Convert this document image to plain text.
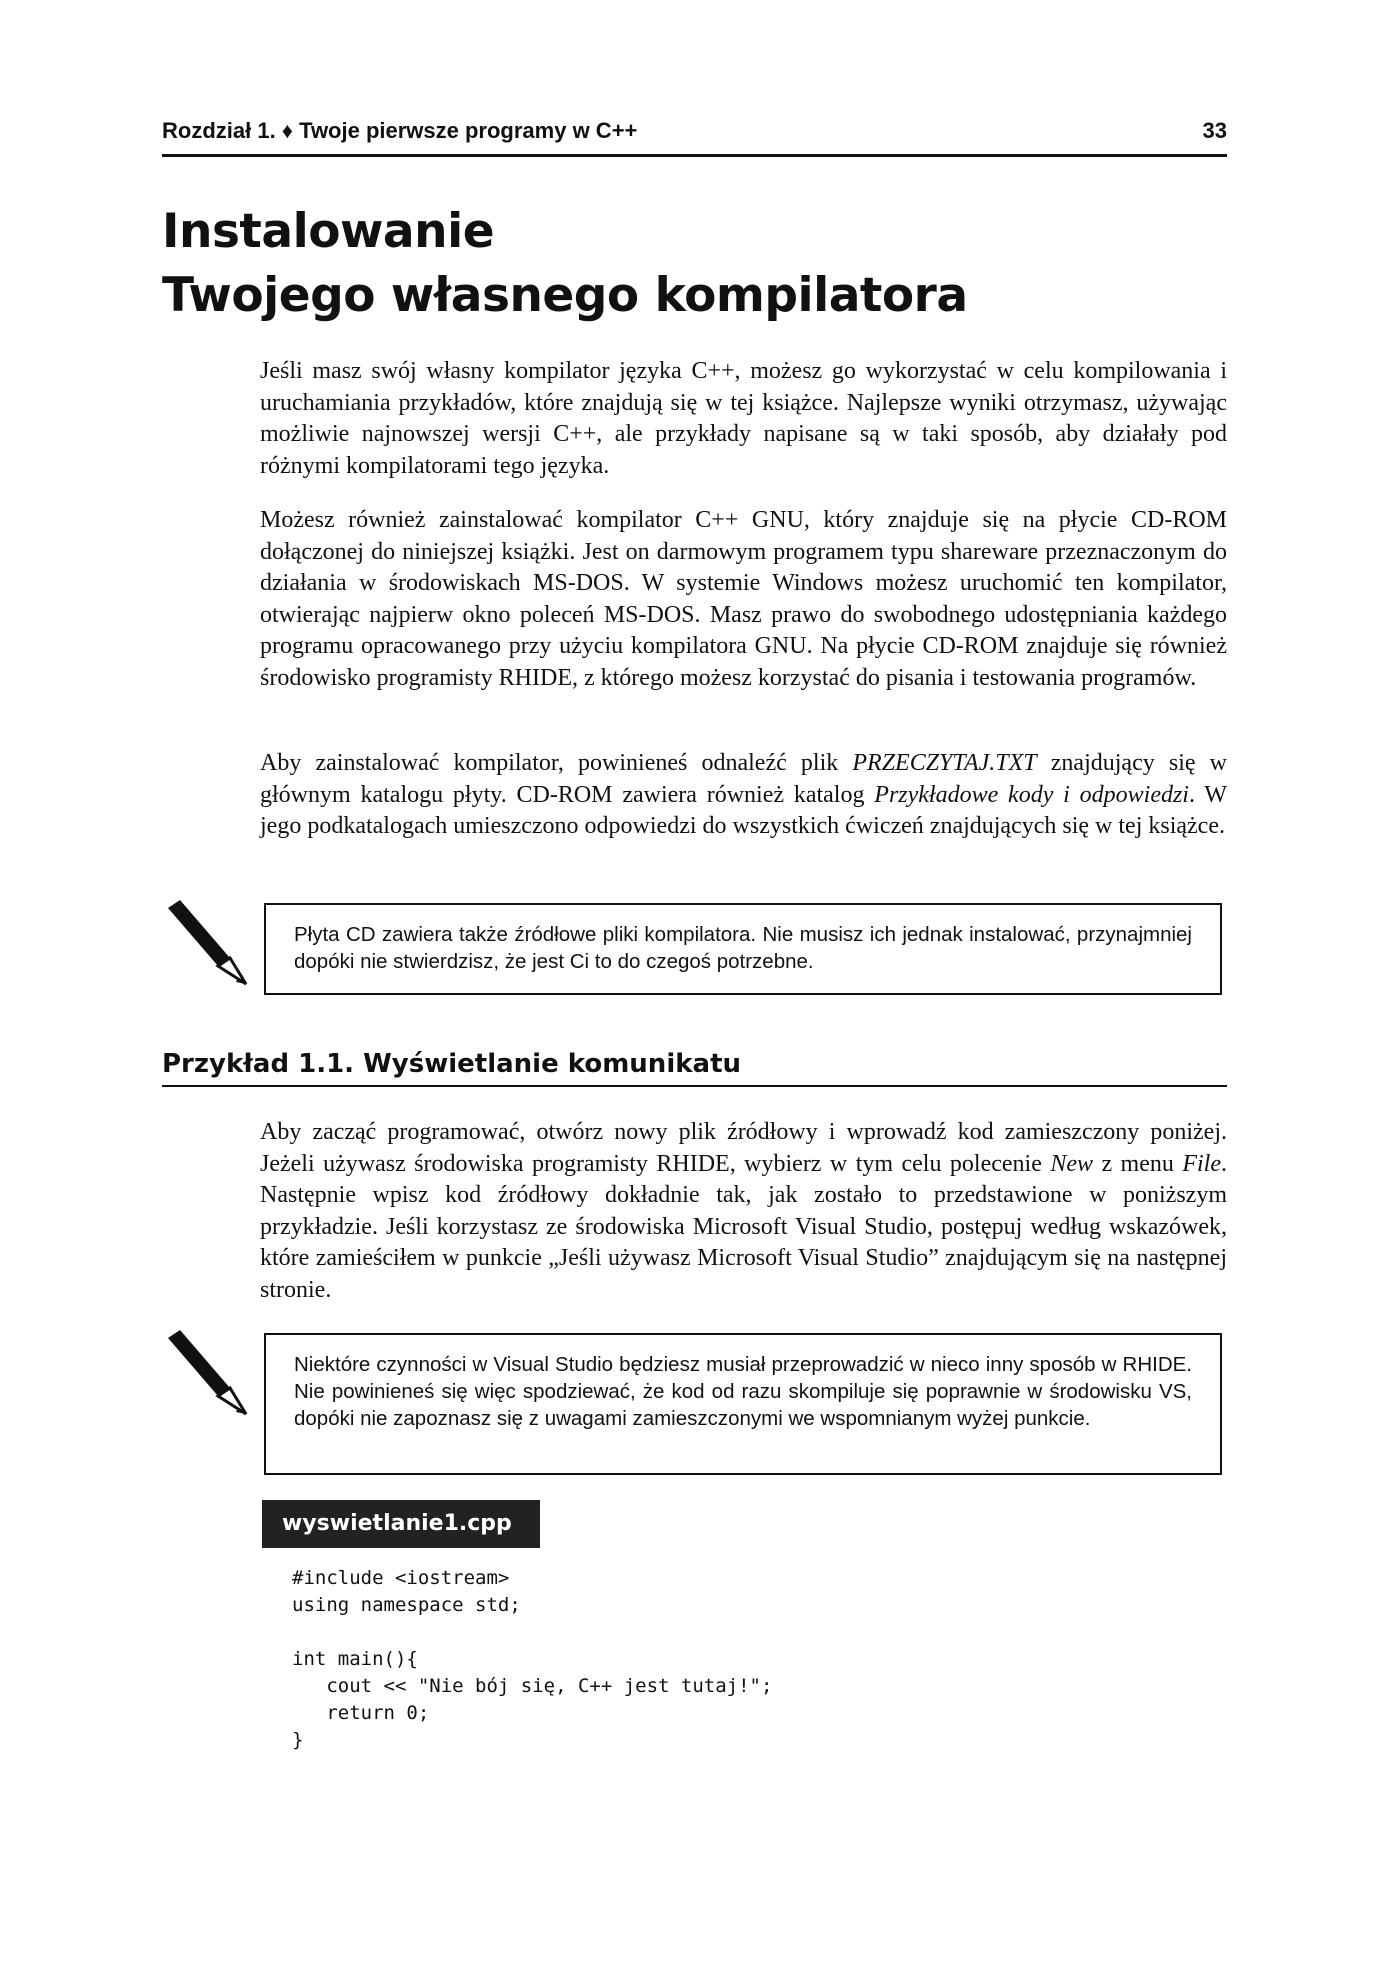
Rozdział 1. ♦ Twoje pierwsze programy w C++	33
Instalowanie
Twojego własnego kompilatora

Jeśli masz swój własny kompilator języka C++, możesz go wykorzystać w celu kompilowania i uruchamiania przykładów, które znajdują się w tej książce. Najlepsze wyniki otrzymasz, używając możliwie najnowszej wersji C++, ale przykłady napisane są w taki sposób, aby działały pod różnymi kompilatorami tego języka.

Możesz również zainstalować kompilator C++ GNU, który znajduje się na płycie CD-ROM dołączonej do niniejszej książki. Jest on darmowym programem typu shareware przeznaczonym do działania w środowiskach MS-DOS. W systemie Windows możesz uruchomić ten kompilator, otwierając najpierw okno poleceń MS-DOS. Masz prawo do swobodnego udostępniania każdego programu opracowanego przy użyciu kompilatora GNU. Na płycie CD-ROM znajduje się również środowisko programisty RHIDE, z którego możesz korzystać do pisania i testowania programów.

Aby zainstalować kompilator, powinieneś odnaleźć plik PRZECZYTAJ.TXT znajdujący się w głównym katalogu płyty. CD-ROM zawiera również katalog Przykładowe kody i odpowiedzi. W jego podkatalogach umieszczono odpowiedzi do wszystkich ćwiczeń znajdujących się w tej książce.

Płyta CD zawiera także źródłowe pliki kompilatora. Nie musisz ich jednak instalować, przynajmniej dopóki nie stwierdzisz, że jest Ci to do czegoś potrzebne.
Przykład 1.1. Wyświetlanie komunikatu

Aby zacząć programować, otwórz nowy plik źródłowy i wprowadź kod zamieszczony poniżej. Jeżeli używasz środowiska programisty RHIDE, wybierz w tym celu polecenie New z menu File. Następnie wpisz kod źródłowy dokładnie tak, jak zostało to przedstawione w poniższym przykładzie. Jeśli korzystasz ze środowiska Microsoft Visual Studio, postępuj według wskazówek, które zamieściłem w punkcie „Jeśli używasz Microsoft Visual Studio” znajdującym się na następnej stronie.

Niektóre czynności w Visual Studio będziesz musiał przeprowadzić w nieco inny sposób w RHIDE. Nie powinieneś się więc spodziewać, że kod od razu skompiluje się poprawnie w środowisku VS, dopóki nie zapoznasz się z uwagami zamieszczonymi we wspomnianym wyżej punkcie.
wyswietlanie1.cpp
#include <iostream>
using namespace std;

int main(){
cout << "Nie bój się, C++ jest tutaj!";
return 0;
}
